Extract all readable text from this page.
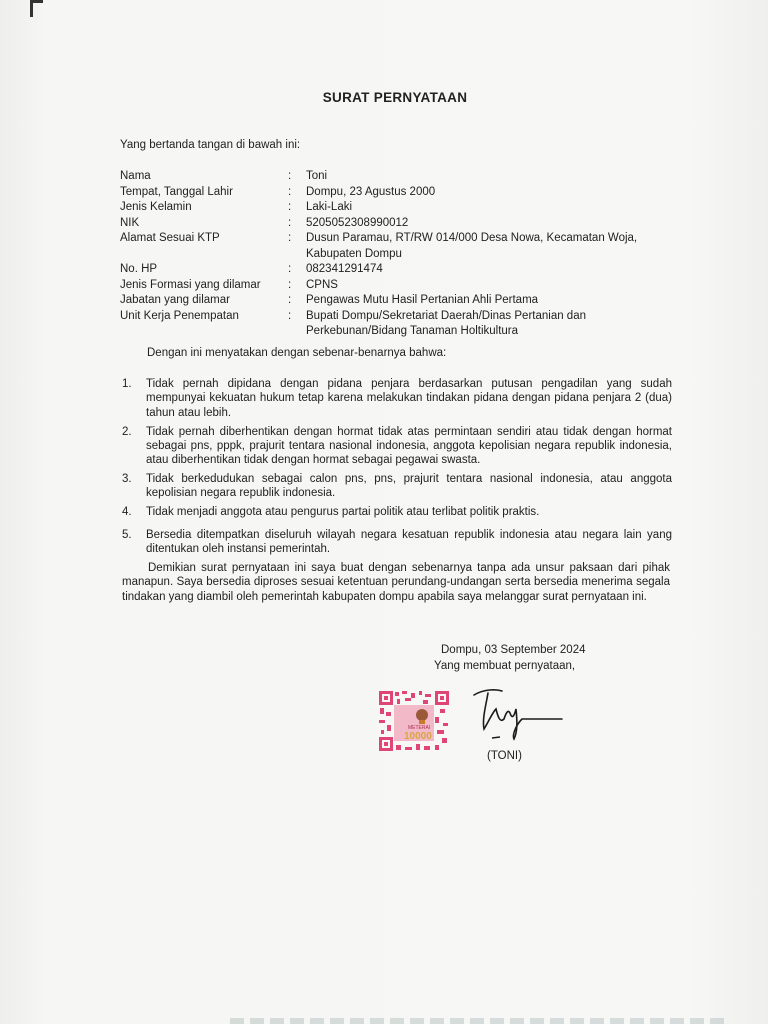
SURAT PERNYATAAN
Yang bertanda tangan di bawah ini:
Nama	:	Toni
Tempat, Tanggal Lahir	:	Dompu, 23 Agustus 2000
Jenis Kelamin	:	Laki-Laki
NIK	:	5205052308990012
Alamat Sesuai KTP	:	Dusun Paramau, RT/RW 014/000 Desa Nowa, Kecamatan Woja,
Kabupaten Dompu
No. HP	:	082341291474
Jenis Formasi yang dilamar	:	CPNS
Jabatan yang dilamar	:	Pengawas Mutu Hasil Pertanian Ahli Pertama
Unit Kerja Penempatan	:	Bupati Dompu/Sekretariat Daerah/Dinas Pertanian dan
Perkebunan/Bidang Tanaman Holtikultura
Dengan ini menyatakan dengan sebenar-benarnya bahwa:
1.	Tidak pernah dipidana dengan pidana penjara berdasarkan putusan pengadilan yang sudah mempunyai kekuatan hukum tetap karena melakukan tindakan pidana dengan pidana penjara 2 (dua) tahun atau lebih.
2.	Tidak pernah diberhentikan dengan hormat tidak atas permintaan sendiri atau tidak dengan hormat sebagai pns, pppk, prajurit tentara nasional indonesia, anggota kepolisian negara republik indonesia, atau diberhentikan tidak dengan hormat sebagai pegawai swasta.
3.	Tidak berkedudukan sebagai calon pns, pns, prajurit tentara nasional indonesia, atau anggota kepolisian negara republik indonesia.
4.	Tidak menjadi anggota atau pengurus partai politik atau terlibat politik praktis.
5.	Bersedia ditempatkan diseluruh wilayah negara kesatuan republik indonesia atau negara lain yang ditentukan oleh instansi pemerintah.
Demikian surat pernyataan ini saya buat dengan sebenarnya tanpa ada unsur paksaan dari pihak manapun. Saya bersedia diproses sesuai ketentuan perundang-undangan serta bersedia menerima segala tindakan yang diambil oleh pemerintah kabupaten dompu apabila saya melanggar surat pernyataan ini.
Dompu, 03 September 2024
Yang membuat pernyataan,
METERAI
10000
(TONI)
